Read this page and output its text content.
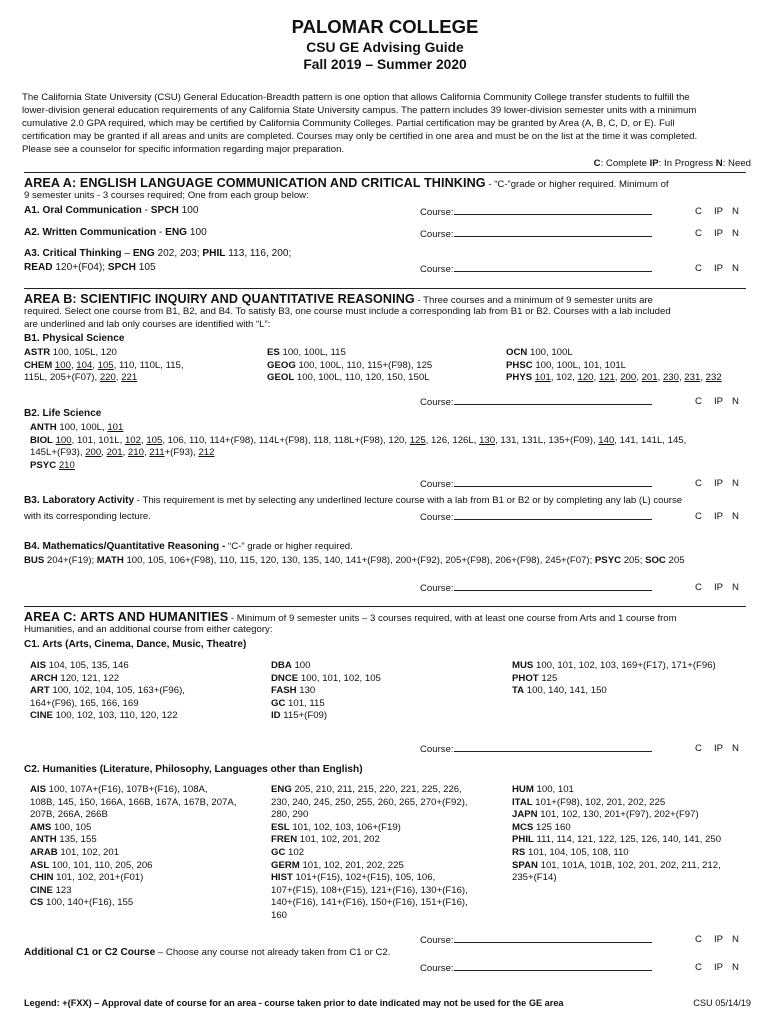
PALOMAR COLLEGE
CSU GE Advising Guide
Fall 2019 – Summer 2020
The California State University (CSU) General Education-Breadth pattern is one option that allows California Community College transfer students to fulfill the
lower-division general education requirements of any California State University campus. The pattern includes 39 lower-division semester units with a minimum
cumulative 2.0 GPA required, which may be certified by California Community Colleges. Partial certification may be granted by Area (A, B, C, D, or E). Full
certification may be granted if all areas and units are completed. Courses may only be certified in one area and must be on the list at the time it was completed.
Please see a counselor for specific information regarding major preparation.
C: Complete IP: In Progress N: Need
AREA A: ENGLISH LANGUAGE COMMUNICATION AND CRITICAL THINKING - “C-”grade or higher required. Minimum of
9 semester units - 3 courses required; One from each group below:
A1. Oral Communication - SPCH 100	Course:	C IP N
A2. Written Communication - ENG 100	Course:	C IP N
A3. Critical Thinking – ENG 202, 203; PHIL 113, 116, 200;
READ 120+(F04); SPCH 105	Course:	C IP N
AREA B: SCIENTIFIC INQUIRY AND QUANTITATIVE REASONING - Three courses and a minimum of 9 semester units are
required. Select one course from B1, B2, and B4. To satisfy B3, one course must include a corresponding lab from B1 or B2. Courses with a lab included
are underlined and lab only courses are identified with “L”:
B1. Physical Science
ASTR 100, 105L, 120
CHEM 100, 104, 105, 110, 110L, 115,
115L, 205+(F07), 220, 221
ES 100, 100L, 115
GEOG 100, 100L, 110, 115+(F98), 125
GEOL 100, 100L, 110, 120, 150, 150L
OCN 100, 100L
PHSC 100, 100L, 101, 101L
PHYS 101, 102, 120, 121, 200, 201, 230, 231, 232
Course:	C IP N
B2. Life Science
ANTH 100, 100L, 101
BIOL 100, 101, 101L, 102, 105, 106, 110, 114+(F98), 114L+(F98), 118, 118L+(F98), 120, 125, 126, 126L, 130, 131, 131L, 135+(F09), 140, 141, 141L, 145,
145L+(F93), 200, 201, 210, 211+(F93), 212
PSYC 210
Course:	C IP N
B3. Laboratory Activity - This requirement is met by selecting any underlined lecture course with a lab from B1 or B2 or by completing any lab (L) course
with its corresponding lecture.	Course:	C IP N
B4. Mathematics/Quantitative Reasoning - “C-” grade or higher required.
BUS 204+(F19); MATH 100, 105, 106+(F98), 110, 115, 120, 130, 135, 140, 141+(F98), 200+(F92), 205+(F98), 206+(F98), 245+(F07); PSYC 205; SOC 205
Course:	C IP N
AREA C: ARTS AND HUMANITIES - Minimum of 9 semester units – 3 courses required, with at least one course from Arts and 1 course from
Humanities, and an additional course from either category:
C1. Arts (Arts, Cinema, Dance, Music, Theatre)
AIS 104, 105, 135, 146
ARCH 120, 121, 122
ART 100, 102, 104, 105, 163+(F96),
164+(F96), 165, 166, 169
CINE 100, 102, 103, 110, 120, 122
DBA 100
DNCE 100, 101, 102, 105
FASH 130
GC 101, 115
ID 115+(F09)
MUS 100, 101, 102, 103, 169+(F17), 171+(F96)
PHOT 125
TA 100, 140, 141, 150
Course:	C IP N
C2. Humanities (Literature, Philosophy, Languages other than English)
AIS 100, 107A+(F16), 107B+(F16), 108A,
108B, 145, 150, 166A, 166B, 167A, 167B, 207A,
207B, 266A, 266B
AMS 100, 105
ANTH 135, 155
ARAB 101, 102, 201
ASL 100, 101, 110, 205, 206
CHIN 101, 102, 201+(F01)
CINE 123
CS 100, 140+(F16), 155
ENG 205, 210, 211, 215, 220, 221, 225, 226,
230, 240, 245, 250, 255, 260, 265, 270+(F92),
280, 290
ESL 101, 102, 103, 106+(F19)
FREN 101, 102, 201, 202
GC 102
GERM 101, 102, 201, 202, 225
HIST 101+(F15), 102+(F15), 105, 106,
107+(F15), 108+(F15), 121+(F16), 130+(F16),
140+(F16), 141+(F16), 150+(F16), 151+(F16),
160
HUM 100, 101
ITAL 101+(F98), 102, 201, 202, 225
JAPN 101, 102, 130, 201+(F97), 202+(F97)
MCS 125 160
PHIL 111, 114, 121, 122, 125, 126, 140, 141, 250
RS 101, 104, 105, 108, 110
SPAN 101, 101A, 101B, 102, 201, 202, 211, 212,
235+(F14)
Course:	C IP N
Additional C1 or C2 Course – Choose any course not already taken from C1 or C2.
Course:	C IP N
Legend: +(FXX) – Approval date of course for an area - course taken prior to date indicated may not be used for the GE area	CSU 05/14/19
